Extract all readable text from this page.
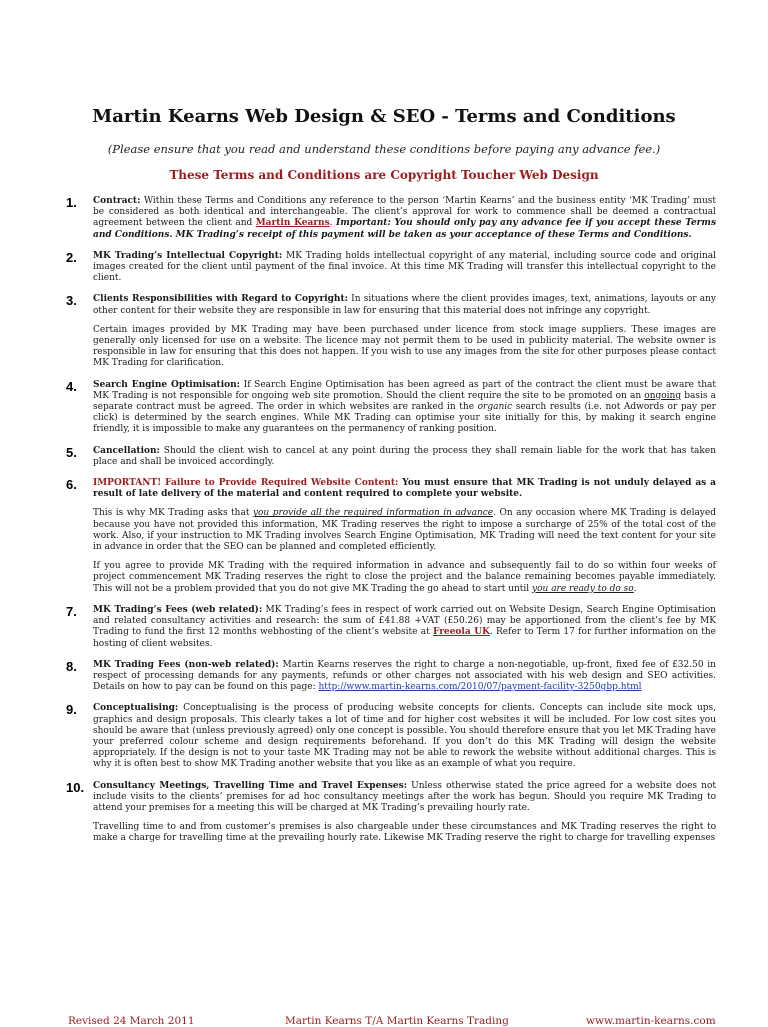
Martin Kearns Web Design & SEO - Terms and Conditions
(Please ensure that you read and understand these conditions before paying any advance fee.)
These Terms and Conditions are Copyright Toucher Web Design
1.	Contract: Within these Terms and Conditions any reference to the person ‘Martin Kearns’ and the business entity ‘MK Trading’ must be considered as both identical and interchangeable. The client’s approval for work to commence shall be deemed a contractual agreement between the client and Martin Kearns. Important: You should only pay any advance fee if you accept these Terms and Conditions. MK Trading’s receipt of this payment will be taken as your acceptance of these Terms and Conditions.

2.	MK Trading’s Intellectual Copyright: MK Trading holds intellectual copyright of any material, including source code and original images created for the client until payment of the final invoice. At this time MK Trading will transfer this intellectual copyright to the client.

3.	Clients Responsibilities with Regard to Copyright: In situations where the client provides images, text, animations, layouts or any other content for their website they are responsible in law for ensuring that this material does not infringe any copyright.

Certain images provided by MK Trading may have been purchased under licence from stock image suppliers. These images are generally only licensed for use on a website. The licence may not permit them to be used in publicity material. The website owner is responsible in law for ensuring that this does not happen. If you wish to use any images from the site for other purposes please contact MK Trading for clarification.

4.	Search Engine Optimisation: If Search Engine Optimisation has been agreed as part of the contract the client must be aware that MK Trading is not responsible for ongoing web site promotion. Should the client require the site to be promoted on an ongoing basis a separate contract must be agreed. The order in which websites are ranked in the organic search results (i.e. not Adwords or pay per click) is determined by the search engines. While MK Trading can optimise your site initially for this, by making it search engine friendly, it is impossible to make any guarantees on the permanency of ranking position.

5.	Cancellation: Should the client wish to cancel at any point during the process they shall remain liable for the work that has taken place and shall be invoiced accordingly.

6.	IMPORTANT! Failure to Provide Required Website Content: You must ensure that MK Trading is not unduly delayed as a result of late delivery of the material and content required to complete your website.

This is why MK Trading asks that you provide all the required information in advance. On any occasion where MK Trading is delayed because you have not provided this information, MK Trading reserves the right to impose a surcharge of 25% of the total cost of the work. Also, if your instruction to MK Trading involves Search Engine Optimisation, MK Trading will need the text content for your site in advance in order that the SEO can be planned and completed efficiently.

If you agree to provide MK Trading with the required information in advance and subsequently fail to do so within four weeks of project commencement MK Trading reserves the right to close the project and the balance remaining becomes payable immediately. This will not be a problem provided that you do not give MK Trading the go ahead to start until you are ready to do so.

7.	MK Trading’s Fees (web related): MK Trading’s fees in respect of work carried out on Website Design, Search Engine Optimisation and related consultancy activities and research: the sum of £41.88 +VAT (£50.26) may be apportioned from the client’s fee by MK Trading to fund the first 12 months webhosting of the client’s website at Freeola UK. Refer to Term 17 for further information on the hosting of client websites.

8.	MK Trading Fees (non-web related): Martin Kearns reserves the right to charge a non-negotiable, up-front, fixed fee of £32.50 in respect of processing demands for any payments, refunds or other charges not associated with his web design and SEO activities. Details on how to pay can be found on this page: http://www.martin-kearns.com/2010/07/payment-facility-3250gbp.html

9.	Conceptualising: Conceptualising is the process of producing website concepts for clients. Concepts can include site mock ups, graphics and design proposals. This clearly takes a lot of time and for higher cost websites it will be included. For low cost sites you should be aware that (unless previously agreed) only one concept is possible. You should therefore ensure that you let MK Trading have your preferred colour scheme and design requirements beforehand. If you don’t do this MK Trading will design the website appropriately. If the design is not to your taste MK Trading may not be able to rework the website without additional charges. This is why it is often best to show MK Trading another website that you like as an example of what you require.

10. Consultancy Meetings, Travelling Time and Travel Expenses: Unless otherwise stated the price agreed for a website does not include visits to the clients’ premises for ad hoc consultancy meetings after the work has begun. Should you require MK Trading to attend your premises for a meeting this will be charged at MK Trading’s prevailing hourly rate.

Travelling time to and from customer’s premises is also chargeable under these circumstances and MK Trading reserves the right to make a charge for travelling time at the prevailing hourly rate. Likewise MK Trading reserve the right to charge for travelling expenses

Revised 24 March 2011	Martin Kearns T/A Martin Kearns Trading	www.martin-kearns.com
